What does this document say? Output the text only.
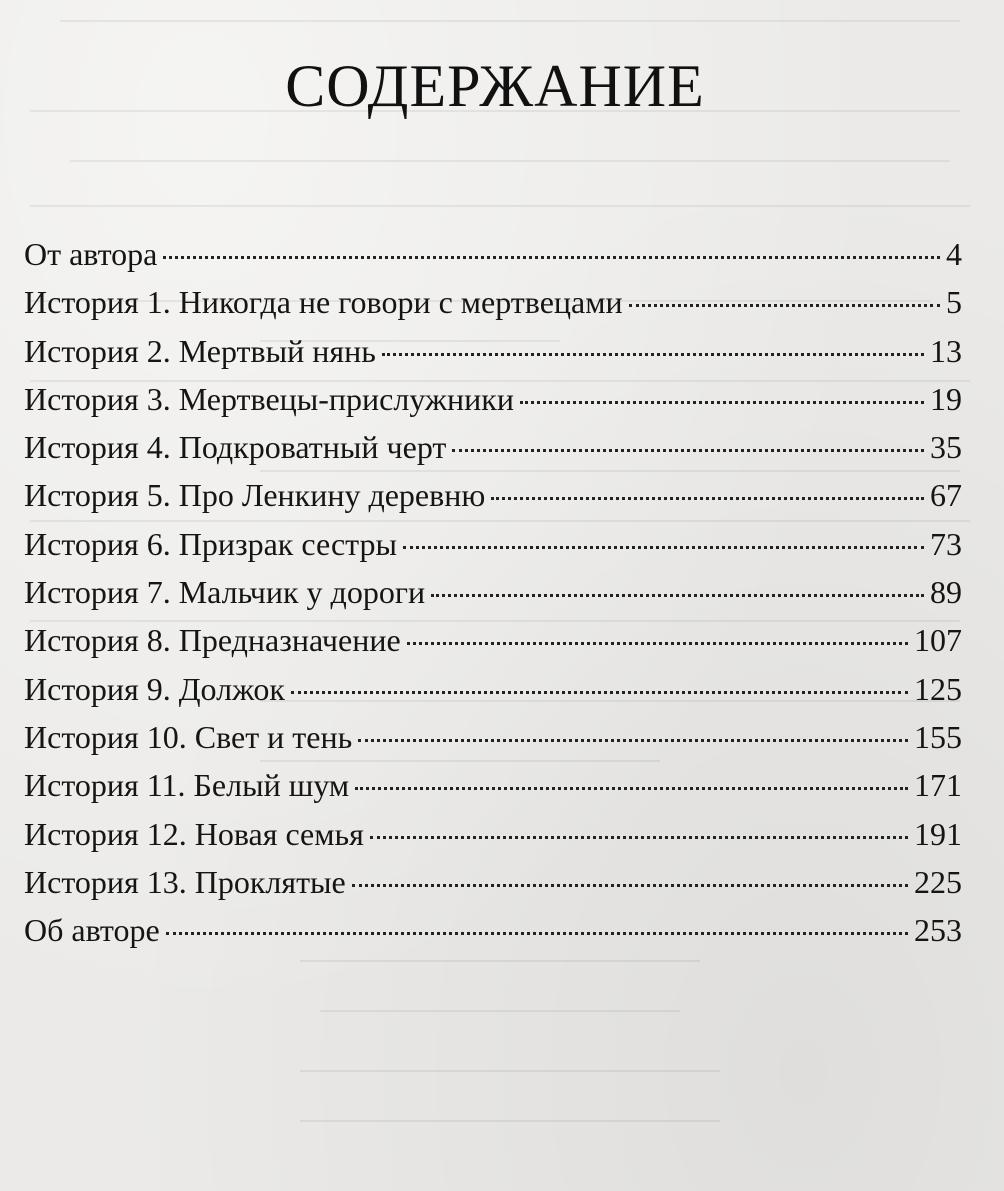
СОДЕРЖАНИЕ
От автора	4
История 1. Никогда не говори с мертвецами	5
История 2. Мертвый нянь	13
История 3. Мертвецы-прислужники	19
История 4. Подкроватный черт	35
История 5. Про Ленкину деревню	67
История 6. Призрак сестры	73
История 7. Мальчик у дороги	89
История 8. Предназначение	107
История 9. Должок	125
История 10. Свет и тень	155
История 11. Белый шум	171
История 12. Новая семья	191
История 13. Проклятые	225
Об авторе	253
